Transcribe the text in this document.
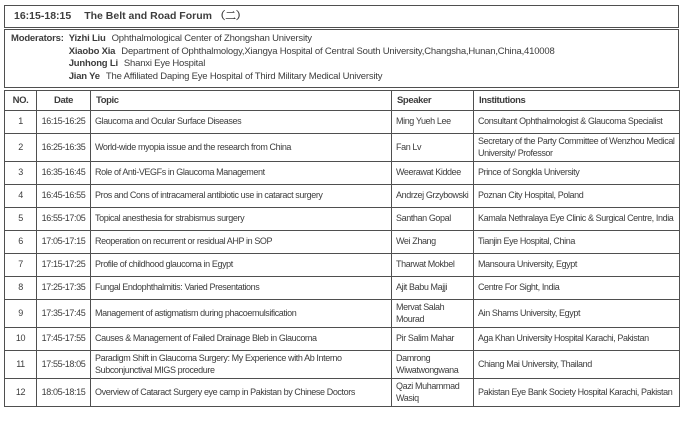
16:15-18:15 The Belt and Road Forum （二）
Moderators: Yizhi Liu Ophthalmological Center of Zhongshan University
Xiaobo Xia Department of Ophthalmology,Xiangya Hospital of Central South University,Changsha,Hunan,China,410008
Junhong Li Shanxi Eye Hospital
Jian Ye The Affiliated Daping Eye Hospital of Third Military Medical University
NO.	Date	Topic	Speaker	Institutions
1	16:15-16:25	Glaucoma and Ocular Surface Diseases	Ming Yueh Lee	Consultant Ophthalmologist & Glaucoma Specialist
2	16:25-16:35	World-wide myopia issue and the research from China	Fan Lv	Secretary of the Party Committee of Wenzhou Medical University/ Professor
3	16:35-16:45	Role of Anti-VEGFs in Glaucoma Management	Weerawat Kiddee	Prince of Songkla University
4	16:45-16:55	Pros and Cons of intracameral antibiotic use in cataract surgery	Andrzej Grzybowski	Poznan City Hospital, Poland
5	16:55-17:05	Topical anesthesia for strabismus surgery	Santhan Gopal	Kamala Nethralaya Eye Clinic & Surgical Centre, India
6	17:05-17:15	Reoperation on recurrent or residual AHP in SOP	Wei Zhang	Tianjin Eye Hospital, China
7	17:15-17:25	Profile of childhood glaucoma in Egypt	Tharwat Mokbel	Mansoura University, Egypt
8	17:25-17:35	Fungal Endophthalmitis: Varied Presentations	Ajit Babu Majji	Centre For Sight, India
9	17:35-17:45	Management of astigmatism during phacoemulsification	Mervat Salah Mourad	Ain Shams University, Egypt
10	17:45-17:55	Causes & Management of Failed Drainage Bleb in Glaucoma	Pir Salim Mahar	Aga Khan University Hospital Karachi, Pakistan
11	17:55-18:05	Paradigm Shift in Glaucoma Surgery: My Experience with Ab Interno Subconjunctival MIGS procedure	Damrong Wiwatwongwana	Chiang Mai University, Thailand
12	18:05-18:15	Overview of Cataract Surgery eye camp in Pakistan by Chinese Doctors	Qazi Muhammad Wasiq	Pakistan Eye Bank Society Hospital Karachi, Pakistan
